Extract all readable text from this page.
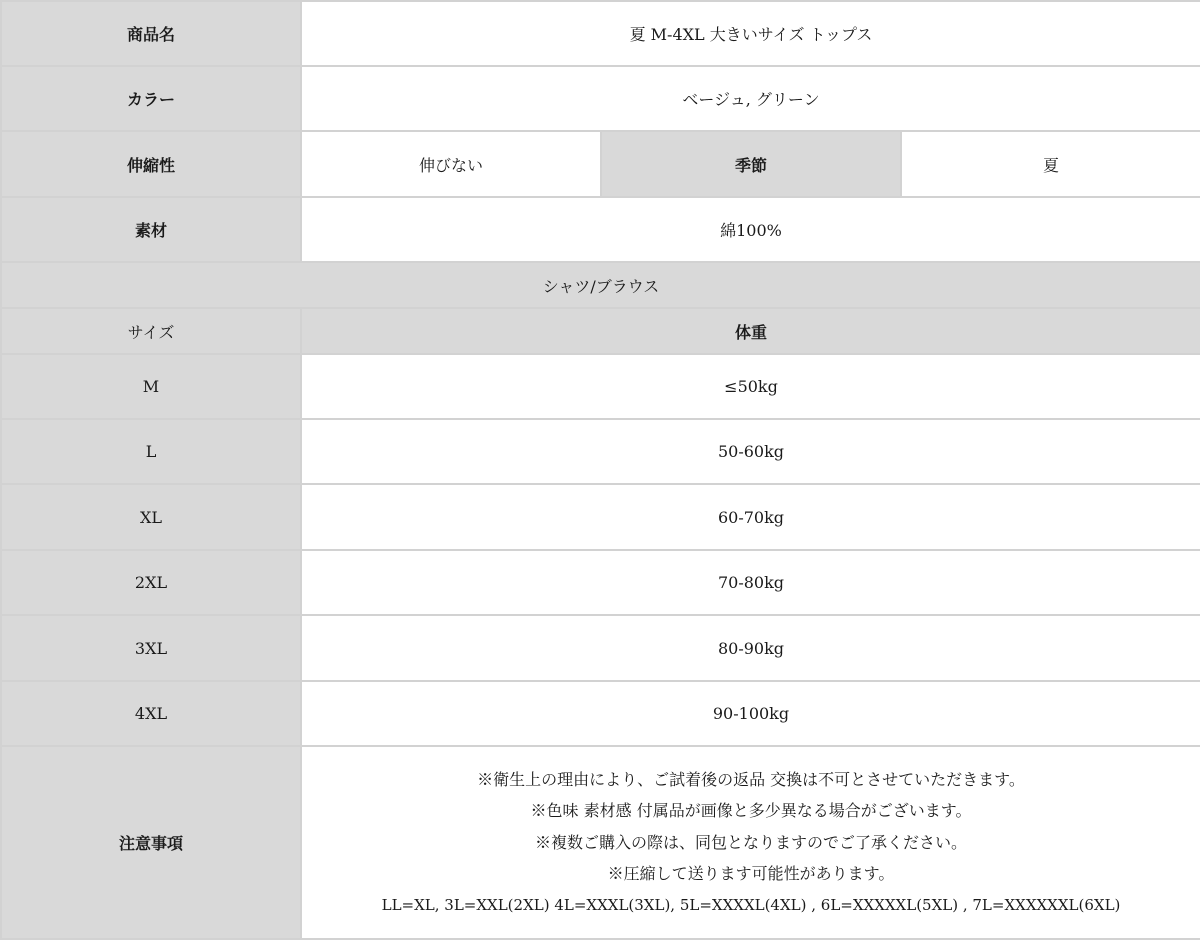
商品名	夏 M-4XL 大きいサイズ トップス		
カラー	ベージュ, グリーン		
伸縮性	伸びない	季節	夏
素材	綿100%		
シャツ/ブラウス			
サイズ	体重		
M	≤50kg		
L	50-60kg		
XL	60-70kg		
2XL	70-80kg		
3XL	80-90kg		
4XL	90-100kg		
注意事項	※衛生上の理由により、ご試着後の返品 交換は不可とさせていただきます。
※色味 素材感 付属品が画像と多少異なる場合がございます。
※複数ご購入の際は、同包となりますのでご了承ください。
※圧縮して送ります可能性があります。
LL=XL, 3L=XXL(2XL) 4L=XXXL(3XL), 5L=XXXXL(4XL) , 6L=XXXXXL(5XL) , 7L=XXXXXXL(6XL)		
